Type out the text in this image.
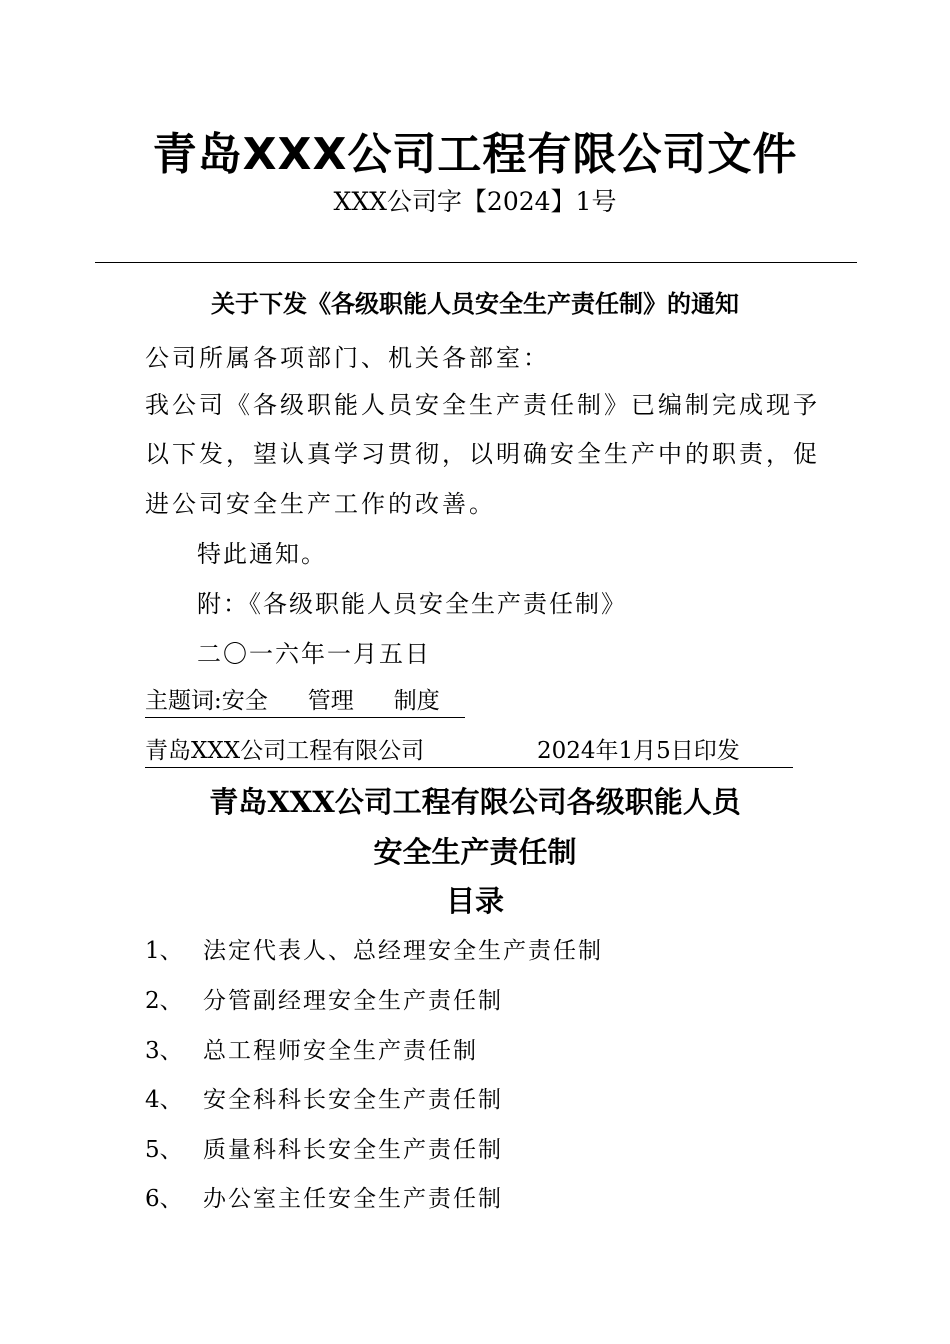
青岛XXX公司工程有限公司文件
XXX公司字【2024】1号
关于下发《各级职能人员安全生产责任制》的通知
公司所属各项部门、机关各部室：
我公司《各级职能人员安全生产责任制》已编制完成现予
以下发，望认真学习贯彻，以明确安全生产中的职责，促
进公司安全生产工作的改善。
特此通知。
附：《各级职能人员安全生产责任制》
二〇一六年一月五日
主题词:安全 管理 制度
青岛XXX公司工程有限公司	2024年1月5日印发
青岛XXX公司工程有限公司各级职能人员
安全生产责任制
目录
1、 法定代表人、总经理安全生产责任制
2、 分管副经理安全生产责任制
3、 总工程师安全生产责任制
4、 安全科科长安全生产责任制
5、 质量科科长安全生产责任制
6、 办公室主任安全生产责任制
